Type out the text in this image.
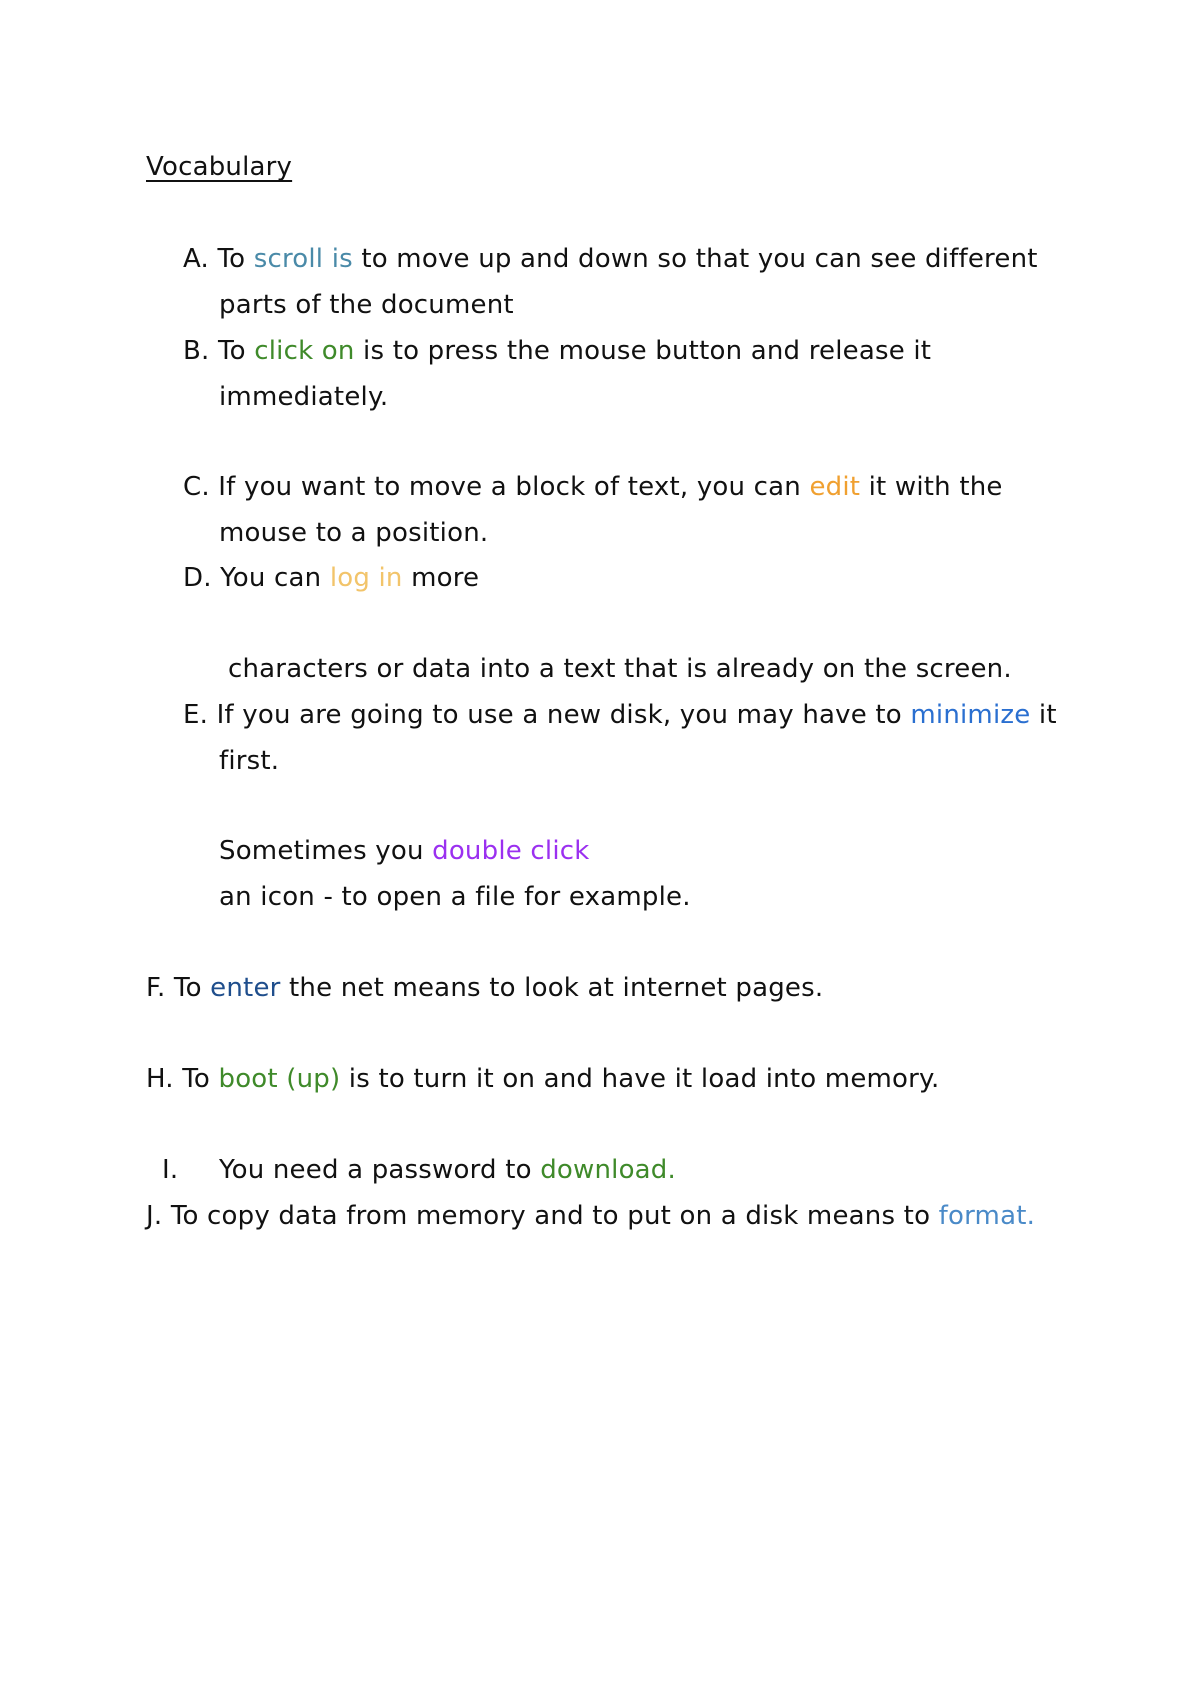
Vocabulary
A. To scroll is to move up and down so that you can see different
parts of the document
B. To click on is to press the mouse button and release it
immediately.
C. If you want to move a block of text, you can edit it with the
mouse to a position.
D. You can log in more
characters or data into a text that is already on the screen.
E. If you are going to use a new disk, you may have to minimize it
first.
Sometimes you double click
an icon - to open a file for example.
F. To enter the net means to look at internet pages.
H. To boot (up) is to turn it on and have it load into memory.
I. You need a password to download.
J. To copy data from memory and to put on a disk means to format.
